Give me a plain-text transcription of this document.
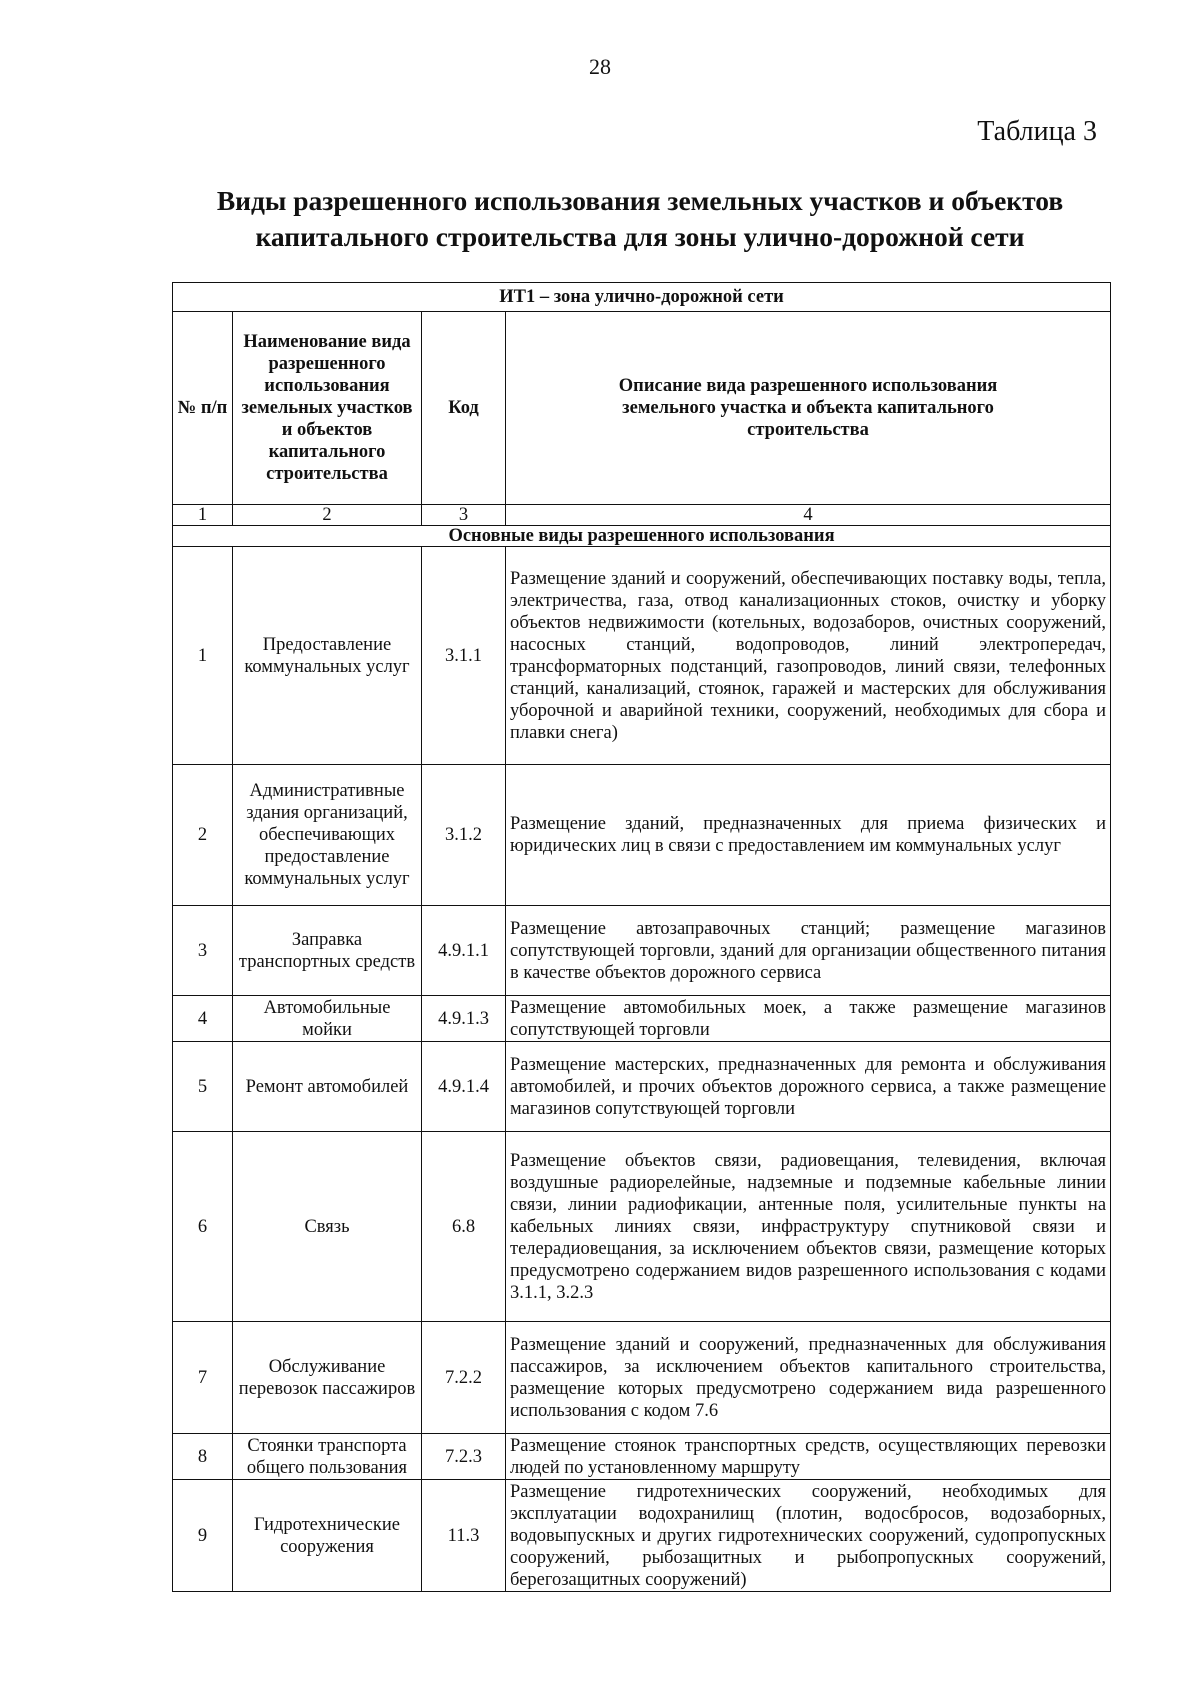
28
Таблица 3
Виды разрешенного использования земельных участков и объектов капитального строительства для зоны улично-дорожной сети
ИТ1 – зона улично-дорожной сети			
№ п/п	Наименование вида разрешенного использования земельных участков и объектов капитального строительства	Код	Описание вида разрешенного использования земельного участка и объекта капитального строительства
1	2	3	4
Основные виды разрешенного использования			
1	Предоставление коммунальных услуг	3.1.1	Размещение зданий и сооружений, обеспечивающих поставку воды, тепла, электричества, газа, отвод канализационных стоков, очистку и уборку объектов недвижимости (котельных, водозаборов, очистных сооружений, насосных станций, водопроводов, линий электропередач, трансформаторных подстанций, газопроводов, линий связи, телефонных станций, канализаций, стоянок, гаражей и мастерских для обслуживания уборочной и аварийной техники, сооружений, необходимых для сбора и плавки снега)
2	Административные здания организаций, обеспечивающих предоставление коммунальных услуг	3.1.2	Размещение зданий, предназначенных для приема физических и юридических лиц в связи с предоставлением им коммунальных услуг
3	Заправка транспортных средств	4.9.1.1	Размещение автозаправочных станций; размещение магазинов сопутствующей торговли, зданий для организации общественного питания в качестве объектов дорожного сервиса
4	Автомобильные мойки	4.9.1.3	Размещение автомобильных моек, а также размещение магазинов сопутствующей торговли
5	Ремонт автомобилей	4.9.1.4	Размещение мастерских, предназначенных для ремонта и обслуживания автомобилей, и прочих объектов дорожного сервиса, а также размещение магазинов сопутствующей торговли
6	Связь	6.8	Размещение объектов связи, радиовещания, телевидения, включая воздушные радиорелейные, надземные и подземные кабельные линии связи, линии радиофикации, антенные поля, усилительные пункты на кабельных линиях связи, инфраструктуру спутниковой связи и телерадиовещания, за исключением объектов связи, размещение которых предусмотрено содержанием видов разрешенного использования с кодами 3.1.1, 3.2.3
7	Обслуживание перевозок пассажиров	7.2.2	Размещение зданий и сооружений, предназначенных для обслуживания пассажиров, за исключением объектов капитального строительства, размещение которых предусмотрено содержанием вида разрешенного использования с кодом 7.6
8	Стоянки транспорта общего пользования	7.2.3	Размещение стоянок транспортных средств, осуществляющих перевозки людей по установленному маршруту
9	Гидротехнические сооружения	11.3	Размещение гидротехнических сооружений, необходимых для эксплуатации водохранилищ (плотин, водосбросов, водозаборных, водовыпускных и других гидротехнических сооружений, судопропускных сооружений, рыбозащитных и рыбопропускных сооружений, берегозащитных сооружений)
